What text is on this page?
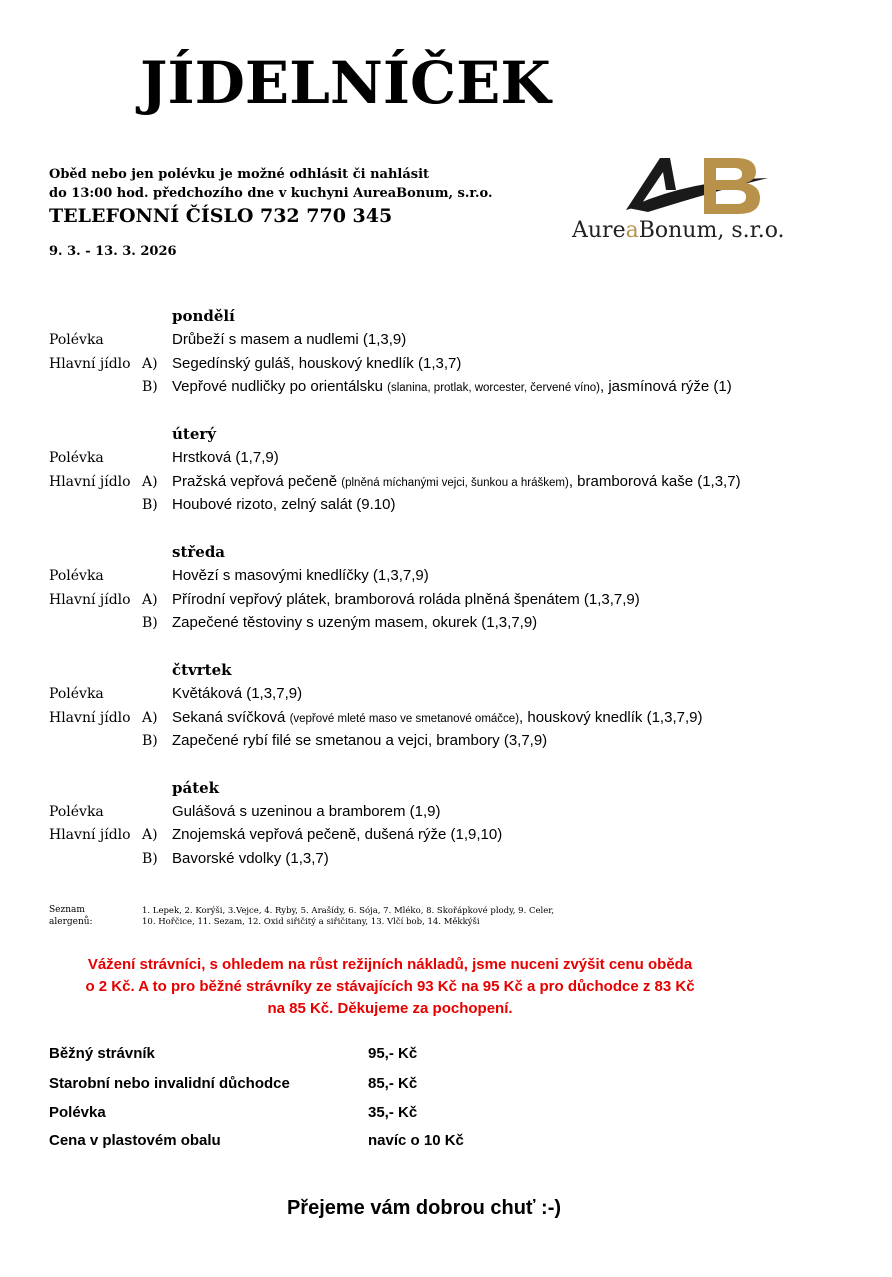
JÍDELNÍČEK
Oběd nebo jen polévku je možné odhlásit či nahlásit
do 13:00 hod. předchozího dne v kuchyni AureaBonum, s.r.o.
TELEFONNÍ ČÍSLO 732 770 345
9. 3. - 13. 3. 2026
AureaBonum, s.r.o.
pondělí
Polévka	Drůbeží s masem a nudlemi (1,3,9)
Hlavní jídlo A) Segedínský guláš, houskový knedlík (1,3,7)
B) Vepřové nudličky po orientálsku (slanina, protlak, worcester, červené víno), jasmínová rýže (1)
úterý
Polévka	Hrstková (1,7,9)
Hlavní jídlo A) Pražská vepřová pečeně (plněná míchanými vejci, šunkou a hráškem), bramborová kaše (1,3,7)
B) Houbové rizoto, zelný salát (9.10)
středa
Polévka	Hovězí s masovými knedlíčky (1,3,7,9)
Hlavní jídlo A) Přírodní vepřový plátek, bramborová roláda plněná špenátem (1,3,7,9)
B) Zapečené těstoviny s uzeným masem, okurek (1,3,7,9)
čtvrtek
Polévka	Květáková (1,3,7,9)
Hlavní jídlo A) Sekaná svíčková (vepřové mleté maso ve smetanové omáčce), houskový knedlík (1,3,7,9)
B) Zapečené rybí filé se smetanou a vejci, brambory (3,7,9)
pátek
Polévka	Gulášová s uzeninou a bramborem (1,9)
Hlavní jídlo A) Znojemská vepřová pečeně, dušená rýže (1,9,10)
B) Bavorské vdolky (1,3,7)
Seznam
alergenů:
1. Lepek, 2. Korýši, 3.Vejce, 4. Ryby, 5. Arašídy, 6. Sója, 7. Mléko, 8. Skořápkové plody, 9. Celer,
10. Hořčice, 11. Sezam, 12. Oxid siřičitý a siřičitany, 13. Vlčí bob, 14. Měkkýši
Vážení strávníci, s ohledem na růst režijních nákladů, jsme nuceni zvýšit cenu oběda
o 2 Kč. A to pro běžné strávníky ze stávajících 93 Kč na 95 Kč a pro důchodce z 83 Kč
na 85 Kč. Děkujeme za pochopení.
Běžný strávník	95,- Kč
Starobní nebo invalidní důchodce	85,- Kč
Polévka	35,- Kč
Cena v plastovém obalu	navíc o 10 Kč
Přejeme vám dobrou chuť :-)
